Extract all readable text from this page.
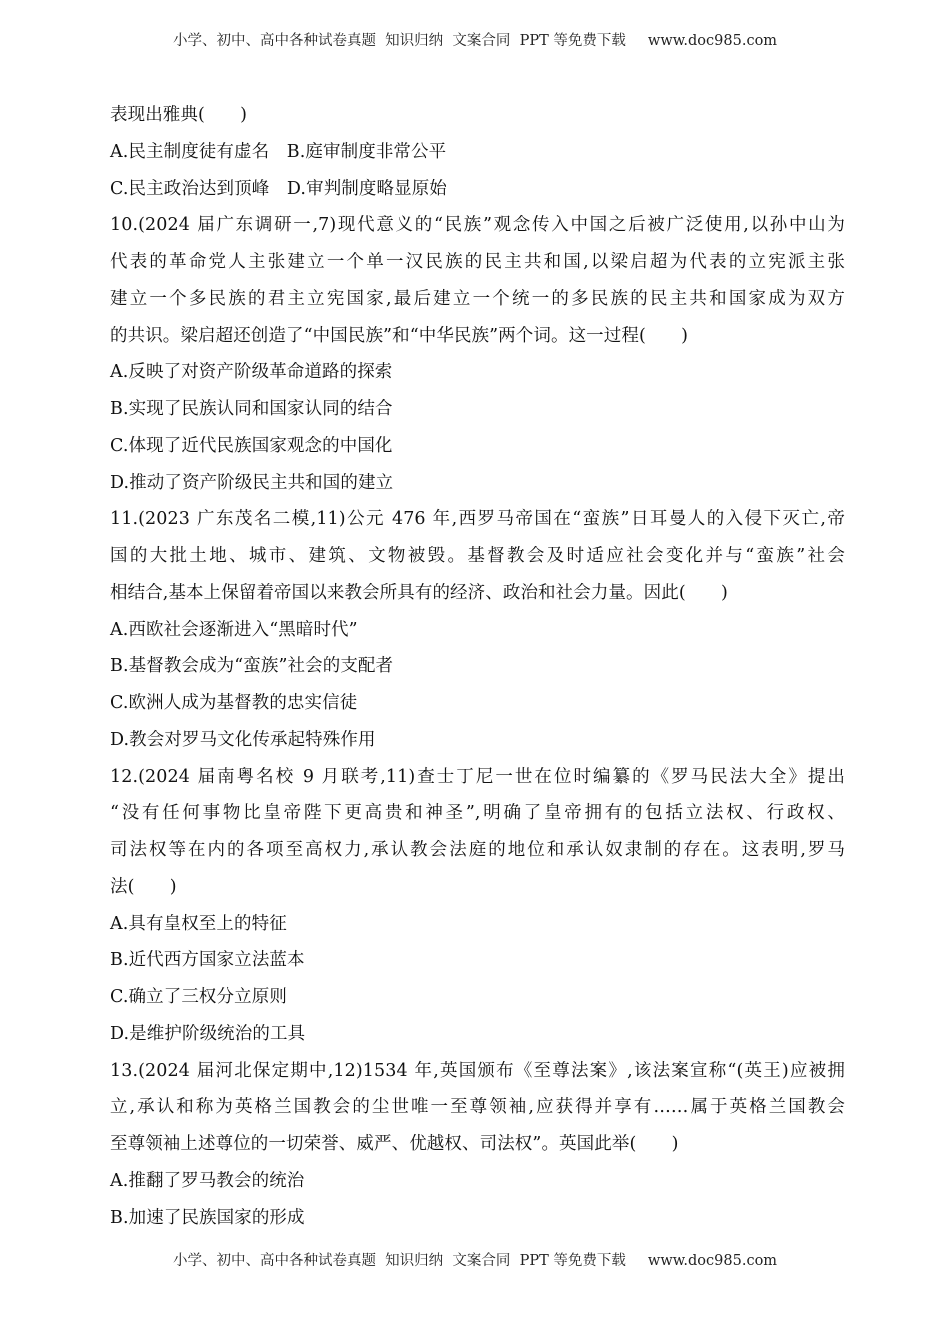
小学、初中、高中各种试卷真题  知识归纳  文案合同  PPT 等免费下载 www.doc985.com
表现出雅典(　　)
A.民主制度徒有虚名　B.庭审制度非常公平
C.民主政治达到顶峰　D.审判制度略显原始
10.(2024 届广东调研一,7)现代意义的“民族”观念传入中国之后被广泛使用,以孙中山为
代表的革命党人主张建立一个单一汉民族的民主共和国,以梁启超为代表的立宪派主张
建立一个多民族的君主立宪国家,最后建立一个统一的多民族的民主共和国家成为双方
的共识。梁启超还创造了“中国民族”和“中华民族”两个词。这一过程(　　)
A.反映了对资产阶级革命道路的探索
B.实现了民族认同和国家认同的结合
C.体现了近代民族国家观念的中国化
D.推动了资产阶级民主共和国的建立
11.(2023 广东茂名二模,11)公元 476 年,西罗马帝国在“蛮族”日耳曼人的入侵下灭亡,帝
国的大批土地、城市、建筑、文物被毁。基督教会及时适应社会变化并与“蛮族”社会
相结合,基本上保留着帝国以来教会所具有的经济、政治和社会力量。因此(　　)
A.西欧社会逐渐进入“黑暗时代”
B.基督教会成为“蛮族”社会的支配者
C.欧洲人成为基督教的忠实信徒
D.教会对罗马文化传承起特殊作用
12.(2024 届南粤名校 9 月联考,11)查士丁尼一世在位时编纂的《罗马民法大全》提出
“没有任何事物比皇帝陛下更高贵和神圣”,明确了皇帝拥有的包括立法权、行政权、
司法权等在内的各项至高权力,承认教会法庭的地位和承认奴隶制的存在。这表明,罗马
法(　　)
A.具有皇权至上的特征
B.近代西方国家立法蓝本
C.确立了三权分立原则
D.是维护阶级统治的工具
13.(2024 届河北保定期中,12)1534 年,英国颁布《至尊法案》,该法案宣称“(英王)应被拥
立,承认和称为英格兰国教会的尘世唯一至尊领袖,应获得并享有……属于英格兰国教会
至尊领袖上述尊位的一切荣誉、威严、优越权、司法权”。英国此举(　　)
A.推翻了罗马教会的统治
B.加速了民族国家的形成
小学、初中、高中各种试卷真题  知识归纳  文案合同  PPT 等免费下载 www.doc985.com
